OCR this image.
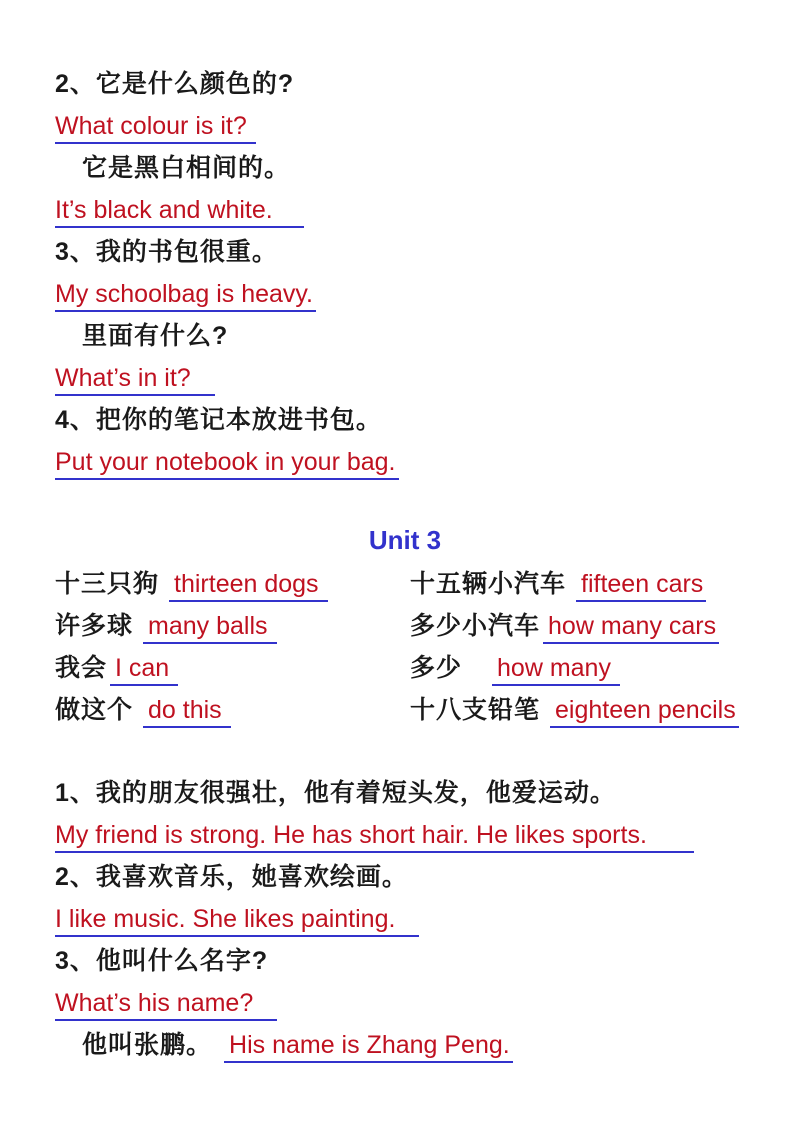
2、它是什么颜色的?
What colour is it?
它是黑白相间的。
It’s black and white.
3、我的书包很重。
My schoolbag is heavy.
里面有什么?
What’s in it?
4、把你的笔记本放进书包。
Put your notebook in your bag.
Unit 3
十三只狗 thirteen dogs	十五辆小汽车 fifteen cars
许多球 many balls	多少小汽车 how many cars
我会 I can	多少 how many
做这个 do this	十八支铅笔 eighteen pencils
1、我的朋友很强壮，他有着短头发，他爱运动。
My friend is strong. He has short hair. He likes sports.
2、我喜欢音乐，她喜欢绘画。
I like music. She likes painting.
3、他叫什么名字?
What’s his name?
他叫张鹏。 His name is Zhang Peng.
